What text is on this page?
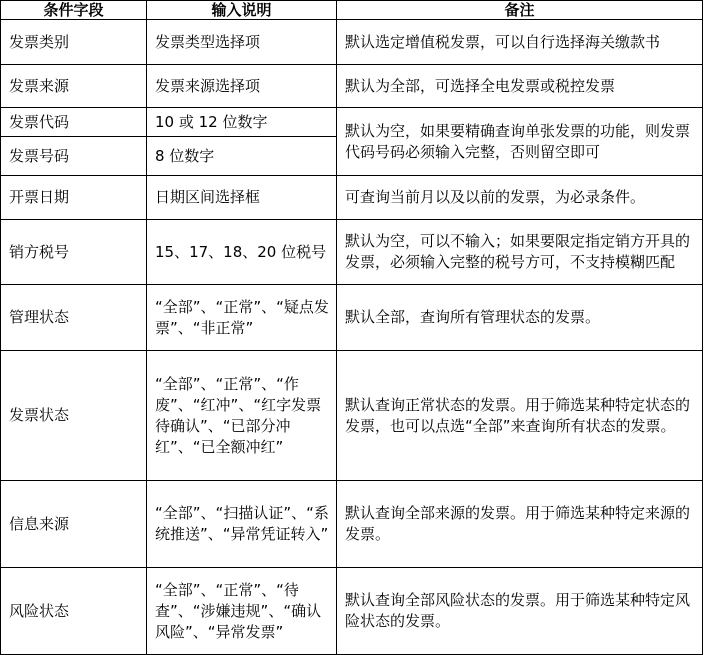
条件字段	输入说明	备注
发票类别	发票类型选择项	默认选定增值税发票，可以自行选择海关缴款书
发票来源	发票来源选择项	默认为全部，可选择全电发票或税控发票
发票代码	10 或 12 位数字	默认为空，如果要精确查询单张发票的功能，则发票代码号码必须输入完整，否则留空即可
发票号码	8 位数字	
开票日期	日期区间选择框	可查询当前月以及以前的发票，为必录条件。
销方税号	15、17、18、20 位税号	默认为空，可以不输入；如果要限定指定销方开具的发票，必须输入完整的税号方可，不支持模糊匹配
管理状态	“全部”、“正常”、“疑点发票”、“非正常”	默认全部，查询所有管理状态的发票。
发票状态	“全部”、“正常”、“作废”、“红冲”、“红字发票待确认”、“已部分冲红”、“已全额冲红”	默认查询正常状态的发票。用于筛选某种特定状态的发票，也可以点选“全部”来查询所有状态的发票。
信息来源	“全部”、“扫描认证”、“系统推送”、“异常凭证转入”	默认查询全部来源的发票。用于筛选某种特定来源的发票。
风险状态	“全部”、“正常”、“待查”、“涉嫌违规”、“确认风险”、“异常发票”	默认查询全部风险状态的发票。用于筛选某种特定风险状态的发票。
